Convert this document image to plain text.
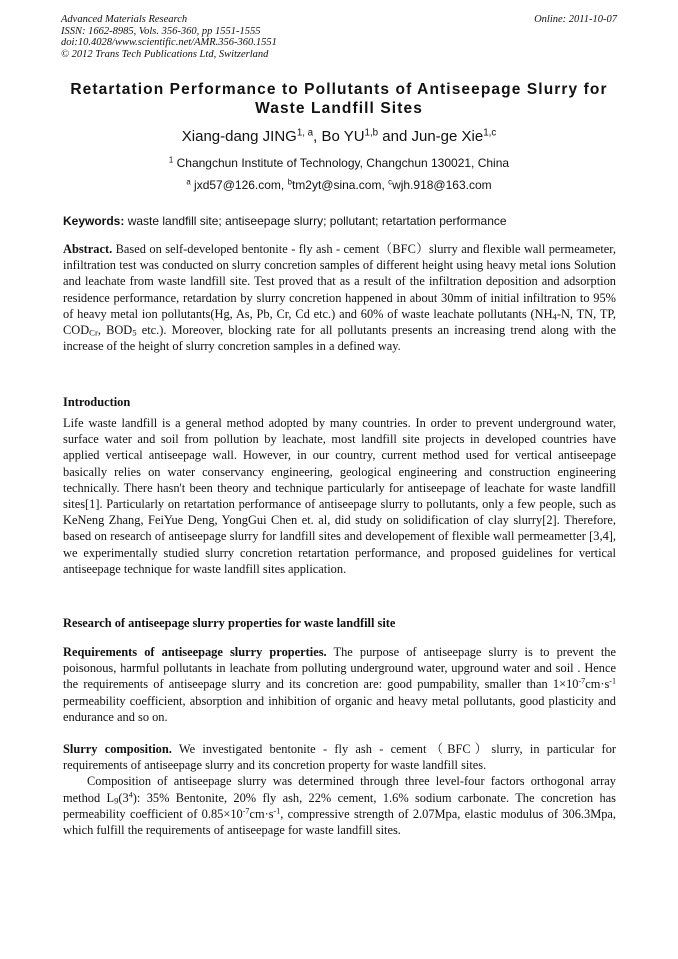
Advanced Materials Research
ISSN: 1662-8985, Vols. 356-360, pp 1551-1555
doi:10.4028/www.scientific.net/AMR.356-360.1551
© 2012 Trans Tech Publications Ltd, Switzerland
Online: 2011-10-07
Retartation Performance to Pollutants of Antiseepage Slurry for
Waste Landfill Sites
Xiang-dang JING$^{1, a}$, Bo YU$^{1,b}$ and Jun-ge Xie$^{1,c}$
$^1$ Changchun Institute of Technology, Changchun 130021, China
$^a$ jxd57@126.com, $^b$tm2yt@sina.com, $^c$wjh.918@163.com
Keywords: waste landfill site; antiseepage slurry; pollutant; retartation performance

Abstract. Based on self-developed bentonite - fly ash - cement（BFC）slurry and flexible wall permeameter, infiltration test was conducted on slurry concretion samples of different height using heavy metal ions Solution and leachate from waste landfill site. Test proved that as a result of the infiltration deposition and adsorption residence performance, retardation by slurry concretion happened in about 30mm of initial infiltration to 95% of heavy metal ion pollutants(Hg, As, Pb, Cr, Cd etc.) and 60% of waste leachate pollutants ($NH_4-N$, TN, TP, $COD_{Cr}$, $BOD_5$ etc.). Moreover, blocking rate for all pollutants presents an increasing trend along with the increase of the height of slurry concretion samples in a defined way.

Introduction

Life waste landfill is a general method adopted by many countries. In order to prevent underground water, surface water and soil from pollution by leachate, most landfill site projects in developed countries have applied vertical antiseepage wall. However, in our country, current method used for vertical antiseepage basically relies on water conservancy engineering, geological engineering and construction engineering technically. There hasn't been theory and technique particularly for antiseepage of leachate for waste landfill sites[1]. Particularly on retartation performance of antiseepage slurry to pollutants, only a few people, such as KeNeng Zhang, FeiYue Deng, YongGui Chen et. al, did study on solidification of clay slurry[2]. Therefore, based on research of antiseepage slurry for landfill sites and developement of flexible wall permeametter [3,4], we experimentally studied slurry concretion retartation performance, and proposed guidelines for vertical antiseepage technique for waste landfill sites application.

Research of antiseepage slurry properties for waste landfill site

Requirements of antiseepage slurry properties. The purpose of antiseepage slurry is to prevent the poisonous, harmful pollutants in leachate from polluting underground water, upground water and soil . Hence the requirements of antiseepage slurry and its concretion are: good pumpability, smaller than $1\times 10^{-7}cm\cdot s^{-1}$ permeability coefficient, absorption and inhibition of organic and heavy metal pollutants, good plasticity and endurance and so on.

Slurry composition. We investigated bentonite - fly ash - cement（BFC）slurry, in particular for requirements of antiseepage slurry and its concretion property for waste landfill sites.

Composition of antiseepage slurry was determined through three level-four factors orthogonal array method $L_9(3^4)$: 35% Bentonite, 20% fly ash, 22% cement, 1.6% sodium carbonate. The concretion has permeability coefficient of $0.85\times 10^{-7}cm\cdot s^{-1}$, compressive strength of 2.07Mpa, elastic modulus of 306.3Mpa, which fulfill the requirements of antiseepage for waste landfill sites.
